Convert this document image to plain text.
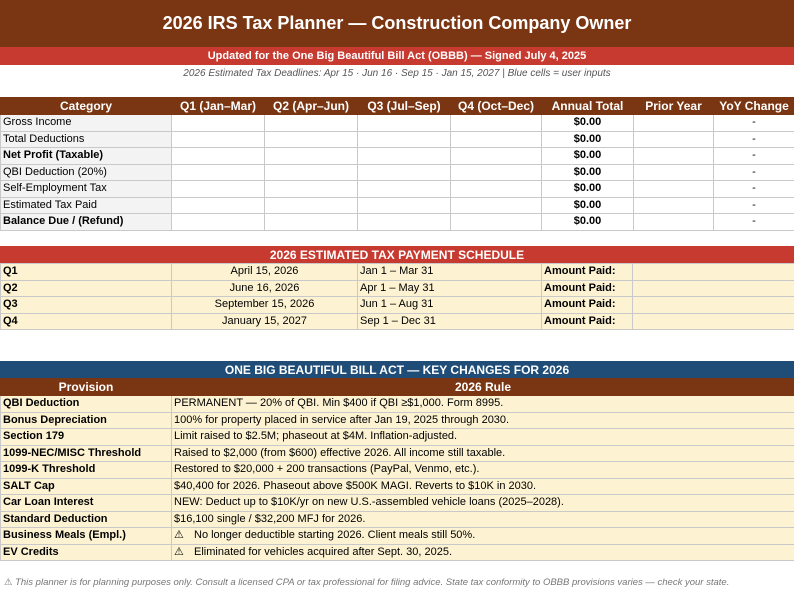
2026 IRS Tax Planner — Construction Company Owner
Updated for the One Big Beautiful Bill Act (OBBB) — Signed July 4, 2025
2026 Estimated Tax Deadlines: Apr 15 · Jun 16 · Sep 15 · Jan 15, 2027 | Blue cells = user inputs
Category	Q1 (Jan–Mar)	Q2 (Apr–Jun)	Q3 (Jul–Sep)	Q4 (Oct–Dec)	Annual Total	Prior Year	YoY Change
Gross Income					$0.00		-
Total Deductions					$0.00		-
Net Profit (Taxable)					$0.00		-
QBI Deduction (20%)					$0.00		-
Self-Employment Tax					$0.00		-
Estimated Tax Paid					$0.00		-
Balance Due / (Refund)					$0.00		-
2026 ESTIMATED TAX PAYMENT SCHEDULE
Q1	April 15, 2026	Jan 1 – Mar 31	Amount Paid:	
Q2	June 16, 2026	Apr 1 – May 31	Amount Paid:	
Q3	September 15, 2026	Jun 1 – Aug 31	Amount Paid:	
Q4	January 15, 2027	Sep 1 – Dec 31	Amount Paid:	
ONE BIG BEAUTIFUL BILL ACT — KEY CHANGES FOR 2026
Provision	2026 Rule
QBI Deduction	PERMANENT — 20% of QBI. Min $400 if QBI ≥$1,000. Form 8995.
Bonus Depreciation	100% for property placed in service after Jan 19, 2025 through 2030.
Section 179	Limit raised to $2.5M; phaseout at $4M. Inflation-adjusted.
1099-NEC/MISC Threshold	Raised to $2,000 (from $600) effective 2026. All income still taxable.
1099-K Threshold	Restored to $20,000 + 200 transactions (PayPal, Venmo, etc.).
SALT Cap	$40,400 for 2026. Phaseout above $500K MAGI. Reverts to $10K in 2030.
Car Loan Interest	NEW: Deduct up to $10K/yr on new U.S.-assembled vehicle loans (2025–2028).
Standard Deduction	$16,100 single / $32,200 MFJ for 2026.
Business Meals (Empl.)	⚠ No longer deductible starting 2026. Client meals still 50%.
EV Credits	⚠ Eliminated for vehicles acquired after Sept. 30, 2025.
⚠ This planner is for planning purposes only. Consult a licensed CPA or tax professional for filing advice. State tax conformity to OBBB provisions varies — check your state.
